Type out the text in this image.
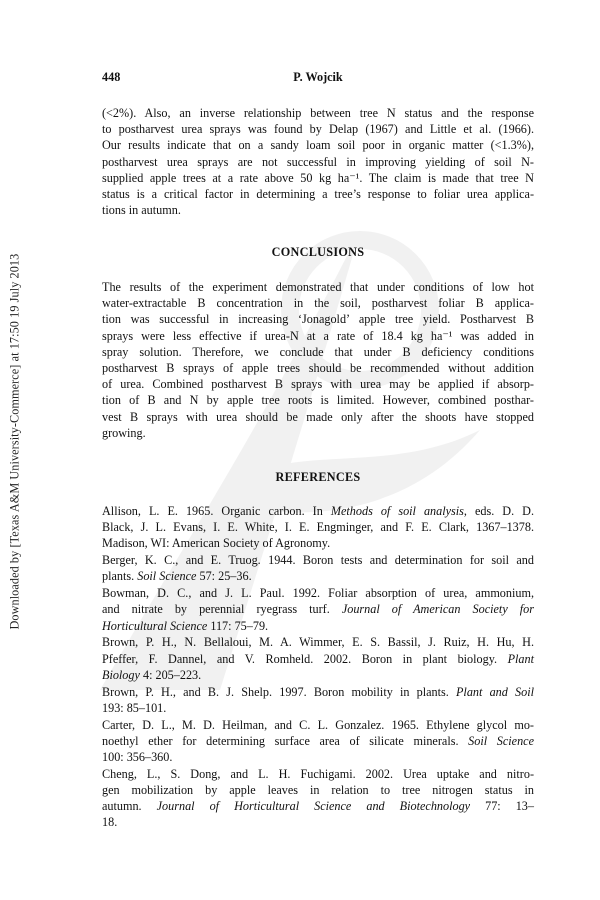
Downloaded by [Texas A&M University-Commerce] at 17:50 19 July 2013
448	P. Wojcik

(<2%). Also, an inverse relationship between tree N status and the response
to postharvest urea sprays was found by Delap (1967) and Little et al. (1966).
Our results indicate that on a sandy loam soil poor in organic matter (<1.3%),
postharvest urea sprays are not successful in improving yielding of soil N-
supplied apple trees at a rate above 50 kg ha⁻¹. The claim is made that tree N
status is a critical factor in determining a tree’s response to foliar urea applica-
tions in autumn.

CONCLUSIONS

The results of the experiment demonstrated that under conditions of low hot
water-extractable B concentration in the soil, postharvest foliar B applica-
tion was successful in increasing ‘Jonagold’ apple tree yield. Postharvest B
sprays were less effective if urea-N at a rate of 18.4 kg ha⁻¹ was added in
spray solution. Therefore, we conclude that under B deficiency conditions
postharvest B sprays of apple trees should be recommended without addition
of urea. Combined postharvest B sprays with urea may be applied if absorp-
tion of B and N by apple tree roots is limited. However, combined posthar-
vest B sprays with urea should be made only after the shoots have stopped
growing.

REFERENCES

Allison, L. E. 1965. Organic carbon. In Methods of soil analysis, eds. D. D.
Black, J. L. Evans, I. E. White, I. E. Engminger, and F. E. Clark, 1367–1378.
Madison, WI: American Society of Agronomy.

Berger, K. C., and E. Truog. 1944. Boron tests and determination for soil and
plants. Soil Science 57: 25–36.

Bowman, D. C., and J. L. Paul. 1992. Foliar absorption of urea, ammonium,
and nitrate by perennial ryegrass turf. Journal of American Society for
Horticultural Science 117: 75–79.

Brown, P. H., N. Bellaloui, M. A. Wimmer, E. S. Bassil, J. Ruiz, H. Hu, H.
Pfeffer, F. Dannel, and V. Romheld. 2002. Boron in plant biology. Plant
Biology 4: 205–223.

Brown, P. H., and B. J. Shelp. 1997. Boron mobility in plants. Plant and Soil
193: 85–101.

Carter, D. L., M. D. Heilman, and C. L. Gonzalez. 1965. Ethylene glycol mo-
noethyl ether for determining surface area of silicate minerals. Soil Science
100: 356–360.

Cheng, L., S. Dong, and L. H. Fuchigami. 2002. Urea uptake and nitro-
gen mobilization by apple leaves in relation to tree nitrogen status in
autumn. Journal of Horticultural Science and Biotechnology 77: 13–
18.
